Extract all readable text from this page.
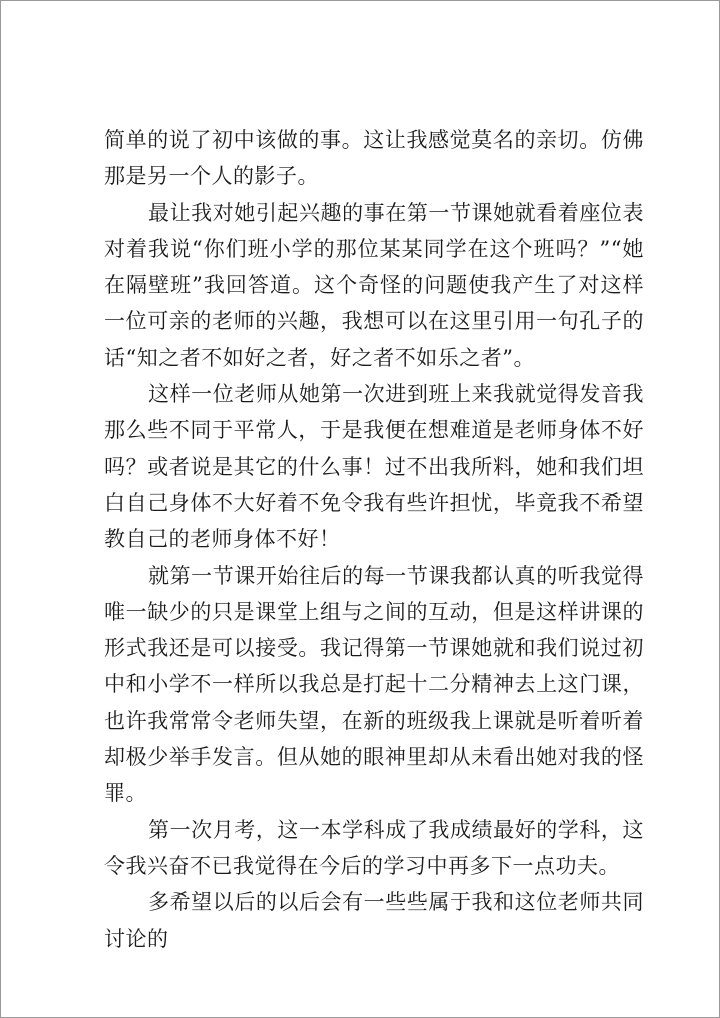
简单的说了初中该做的事。这让我感觉莫名的亲切。仿佛那是另一个人的影子。

最让我对她引起兴趣的事在第一节课她就看着座位表对着我说“你们班小学的那位某某同学在这个班吗？”“她在隔壁班”我回答道。这个奇怪的问题使我产生了对这样一位可亲的老师的兴趣，我想可以在这里引用一句孔子的话“知之者不如好之者，好之者不如乐之者”。

这样一位老师从她第一次进到班上来我就觉得发音我那么些不同于平常人，于是我便在想难道是老师身体不好吗？或者说是其它的什么事！过不出我所料，她和我们坦白自己身体不大好着不免令我有些许担忧，毕竟我不希望教自己的老师身体不好！

就第一节课开始往后的每一节课我都认真的听我觉得唯一缺少的只是课堂上组与之间的互动，但是这样讲课的形式我还是可以接受。我记得第一节课她就和我们说过初中和小学不一样所以我总是打起十二分精神去上这门课，也许我常常令老师失望，在新的班级我上课就是听着听着却极少举手发言。但从她的眼神里却从未看出她对我的怪罪。

第一次月考，这一本学科成了我成绩最好的学科，这令我兴奋不已我觉得在今后的学习中再多下一点功夫。

多希望以后的以后会有一些些属于我和这位老师共同讨论的
